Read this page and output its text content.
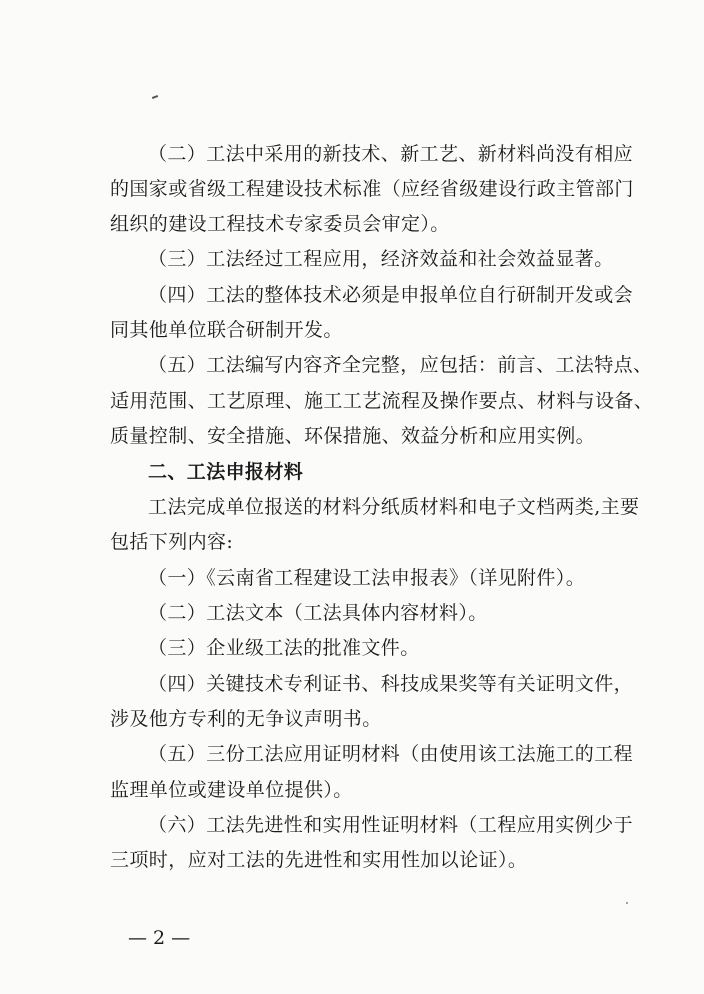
（二）工法中采用的新技术、新工艺、新材料尚没有相应
的国家或省级工程建设技术标准（应经省级建设行政主管部门
组织的建设工程技术专家委员会审定）。
（三）工法经过工程应用，经济效益和社会效益显著。
（四）工法的整体技术必须是申报单位自行研制开发或会
同其他单位联合研制开发。
（五）工法编写内容齐全完整，应包括：前言、工法特点、
适用范围、工艺原理、施工工艺流程及操作要点、材料与设备、
质量控制、安全措施、环保措施、效益分析和应用实例。
二、工法申报材料
工法完成单位报送的材料分纸质材料和电子文档两类,主要
包括下列内容:
（一）《云南省工程建设工法申报表》（详见附件）。
（二）工法文本（工法具体内容材料）。
（三）企业级工法的批准文件。
（四）关键技术专利证书、科技成果奖等有关证明文件，
涉及他方专利的无争议声明书。
（五）三份工法应用证明材料（由使用该工法施工的工程
监理单位或建设单位提供）。
（六）工法先进性和实用性证明材料（工程应用实例少于
三项时，应对工法的先进性和实用性加以论证）。
— 2 —
